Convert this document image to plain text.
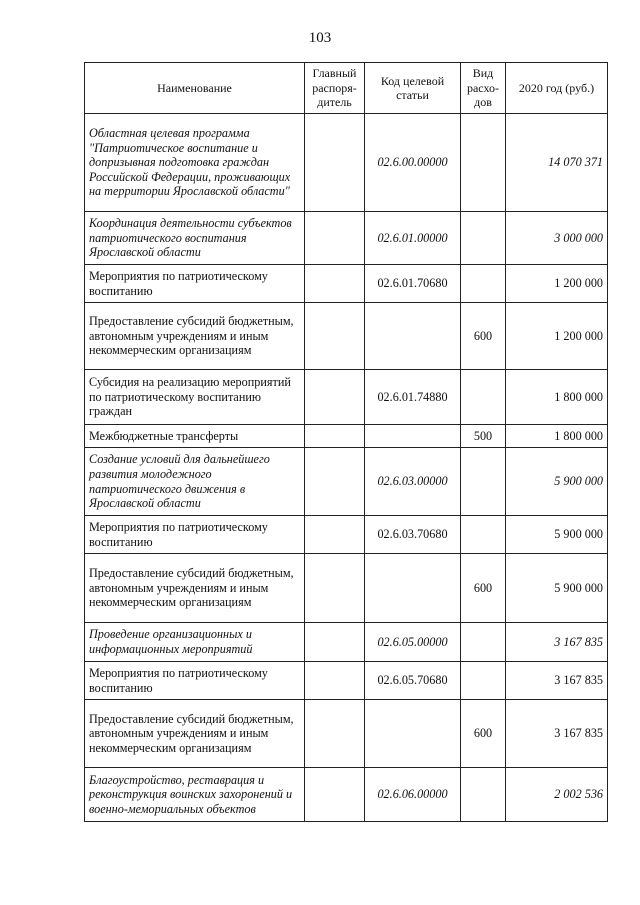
103
Наименование	Главный распоря-дитель	Код целевой статьи	Вид расхо-дов	2020 год (руб.)
Областная целевая программа "Патриотическое воспитание и допризывная подготовка граждан Российской Федерации, проживающих на территории Ярославской области"		02.6.00.00000		14 070 371
Координация деятельности субъектов патриотического воспитания Ярославской области		02.6.01.00000		3 000 000
Мероприятия по патриотическому воспитанию		02.6.01.70680		1 200 000
Предоставление субсидий бюджетным, автономным учреждениям и иным некоммерческим организациям			600	1 200 000
Субсидия на реализацию мероприятий по патриотическому воспитанию граждан		02.6.01.74880		1 800 000
Межбюджетные трансферты			500	1 800 000
Создание условий для дальнейшего развития молодежного патриотического движения в Ярославской области		02.6.03.00000		5 900 000
Мероприятия по патриотическому воспитанию		02.6.03.70680		5 900 000
Предоставление субсидий бюджетным, автономным учреждениям и иным некоммерческим организациям			600	5 900 000
Проведение организационных и информационных мероприятий		02.6.05.00000		3 167 835
Мероприятия по патриотическому воспитанию		02.6.05.70680		3 167 835
Предоставление субсидий бюджетным, автономным учреждениям и иным некоммерческим организациям			600	3 167 835
Благоустройство, реставрация и реконструкция воинских захоронений и военно-мемориальных объектов		02.6.06.00000		2 002 536
